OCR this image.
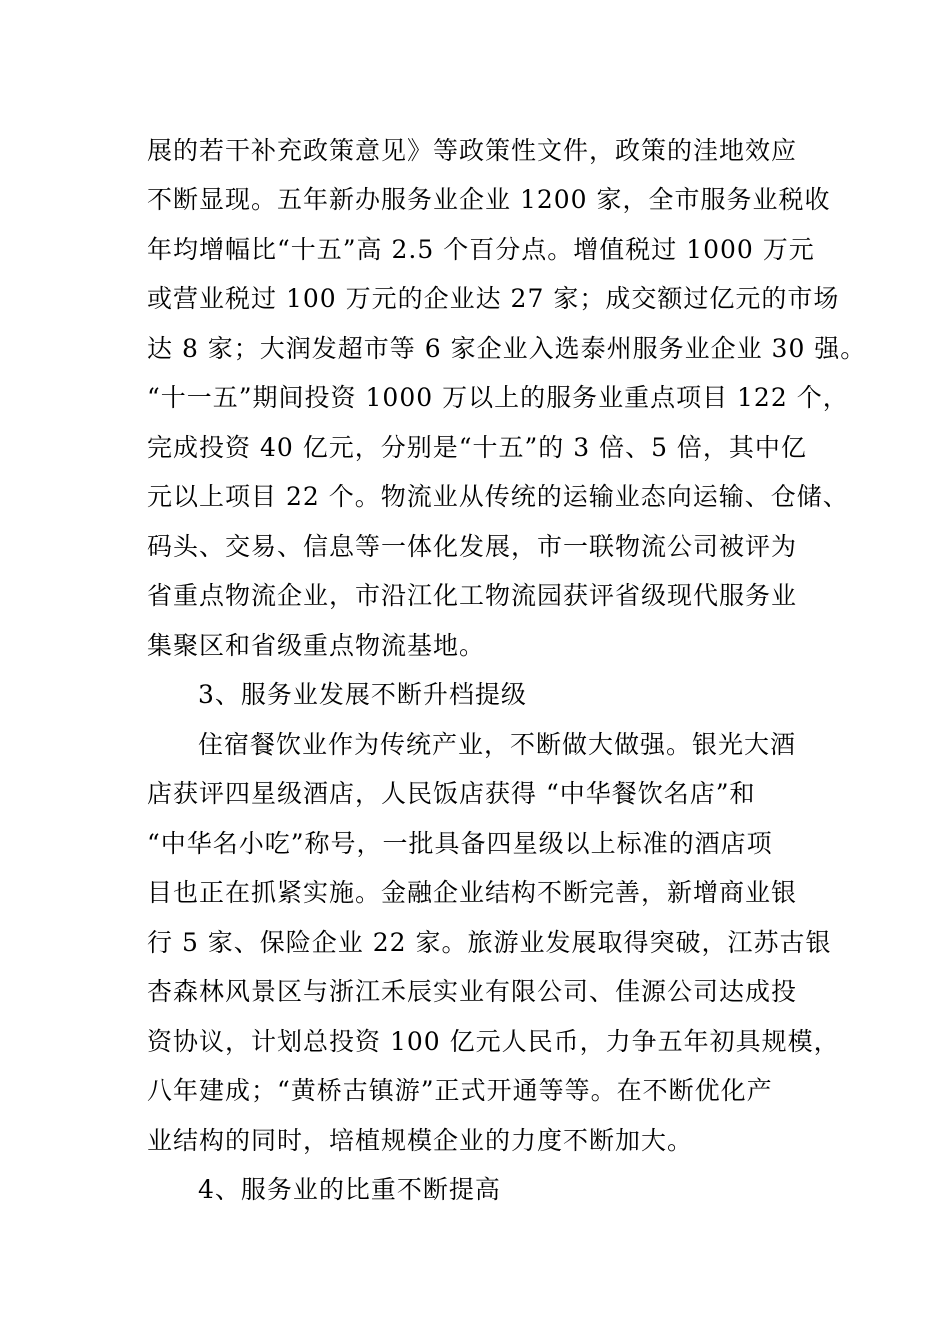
展的若干补充政策意见》等政策性文件，政策的洼地效应
不断显现。五年新办服务业企业 1200 家，全市服务业税收
年均增幅比“十五”高 2.5 个百分点。增值税过 1000 万元
或营业税过 100 万元的企业达 27 家；成交额过亿元的市场
达 8 家；大润发超市等 6 家企业入选泰州服务业企业 30 强。
“十一五”期间投资 1000 万以上的服务业重点项目 122 个，
完成投资 40 亿元，分别是“十五”的 3 倍、5 倍，其中亿
元以上项目 22 个。物流业从传统的运输业态向运输、仓储、
码头、交易、信息等一体化发展，市一联物流公司被评为
省重点物流企业，市沿江化工物流园获评省级现代服务业
集聚区和省级重点物流基地。
3、服务业发展不断升档提级
住宿餐饮业作为传统产业，不断做大做强。银光大酒
店获评四星级酒店，人民饭店获得 “中华餐饮名店”和
“中华名小吃”称号，一批具备四星级以上标准的酒店项
目也正在抓紧实施。金融企业结构不断完善，新增商业银
行 5 家、保险企业 22 家。旅游业发展取得突破，江苏古银
杏森林风景区与浙江禾辰实业有限公司、佳源公司达成投
资协议，计划总投资 100 亿元人民币，力争五年初具规模，
八年建成；“黄桥古镇游”正式开通等等。在不断优化产
业结构的同时，培植规模企业的力度不断加大。
4、服务业的比重不断提高
